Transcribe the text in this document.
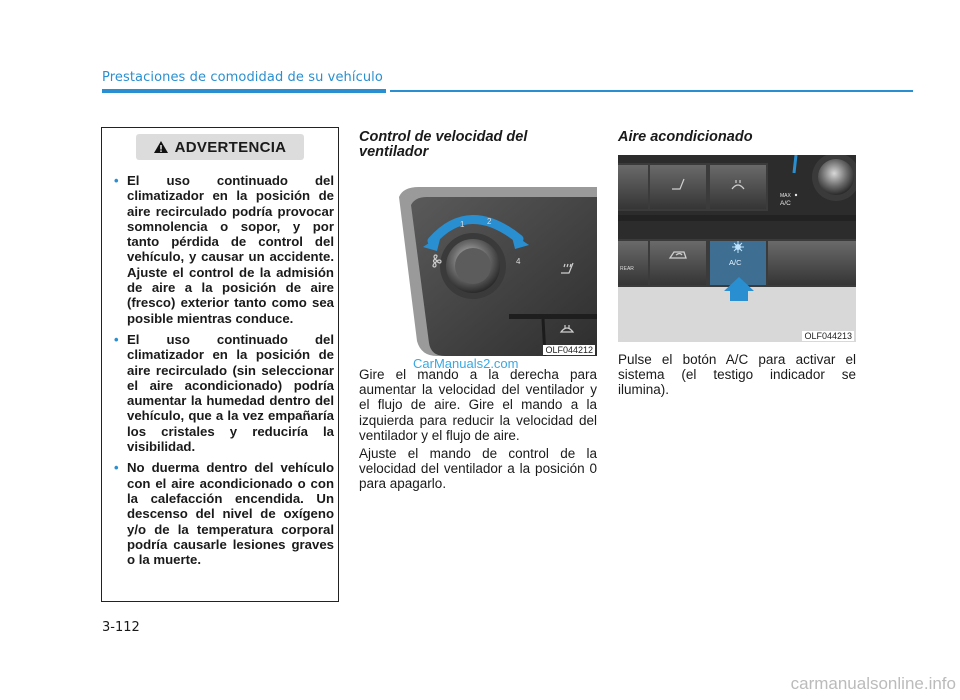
Prestaciones de comodidad de su vehículo
ADVERTENCIA
• El uso continuado del climatizador en la posición de aire recirculado podría provocar somnolencia o sopor, y por tanto pérdida de control del vehículo, y causar un accidente. Ajuste el control de la admisión de aire a la posición de aire (fresco) exterior tanto como sea posible mientras conduce.
• El uso continuado del climatizador en la posición de aire recirculado (sin seleccionar el aire acondicionado) podría aumentar la humedad dentro del vehículo, que a la vez empañaría los cristales y reduciría la visibilidad.
• No duerma dentro del vehículo con el aire acondicionado o con la calefacción encendida. Un descenso del nivel de oxígeno y/o de la temperatura corporal podría causarle lesiones graves o la muerte.
Control de velocidad del ventilador
1	2
4
OLF044212
CarManuals2.com

Gire el mando a la derecha para aumentar la velocidad del ventilador y el flujo de aire. Gire el mando a la izquierda para reducir la velocidad del ventilador y el flujo de aire.

Ajuste el mando de control de la velocidad del ventilador a la posición 0 para apagarlo.

Aire acondicionado
MAX
A/C
REAR
A/C
OLF044213

Pulse el botón A/C para activar el sistema (el testigo indicador se ilumina).

3-112
carmanualsonline.info
